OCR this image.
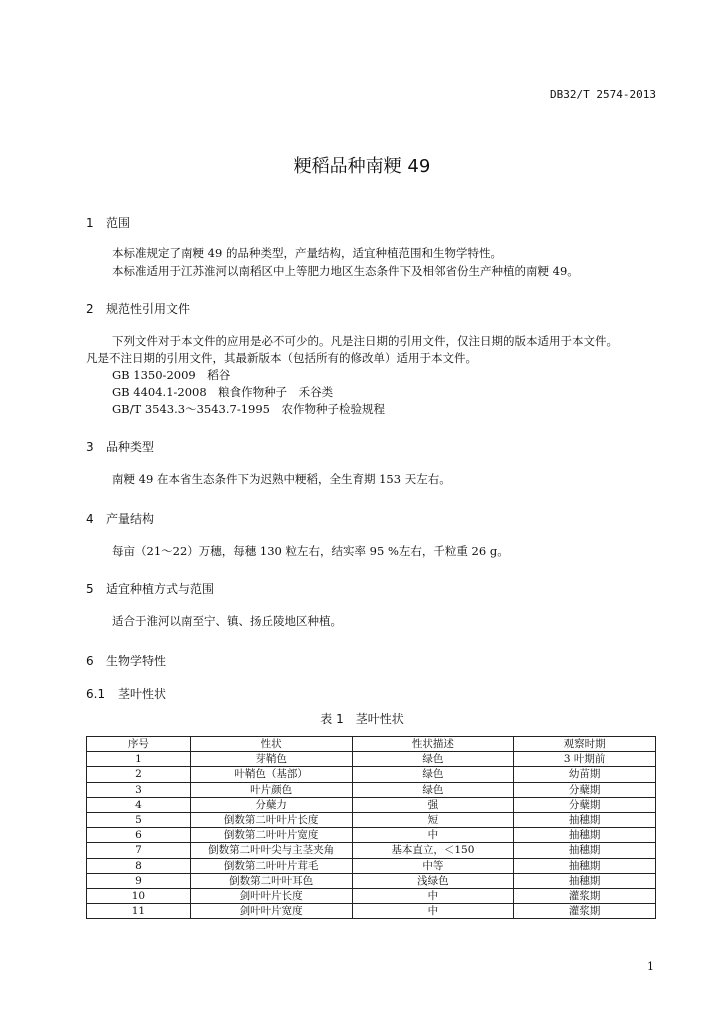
DB32/T 2574-2013
粳稻品种南粳 49
1 范围
本标准规定了南粳 49 的品种类型，产量结构，适宜种植范围和生物学特性。
本标准适用于江苏淮河以南稻区中上等肥力地区生态条件下及相邻省份生产种植的南粳 49。
2 规范性引用文件
下列文件对于本文件的应用是必不可少的。凡是注日期的引用文件，仅注日期的版本适用于本文件。
凡是不注日期的引用文件，其最新版本（包括所有的修改单）适用于本文件。
GB 1350-2009　稻谷
GB 4404.1-2008　粮食作物种子　禾谷类
GB/T 3543.3～3543.7-1995　农作物种子检验规程
3 品种类型
南粳 49 在本省生态条件下为迟熟中粳稻，全生育期 153 天左右。
4 产量结构
每亩（21～22）万穗，每穗 130 粒左右，结实率 95 %左右，千粒重 26 g。
5 适宜种植方式与范围
适合于淮河以南至宁、镇、扬丘陵地区种植。
6 生物学特性
6.1 茎叶性状
表 1　茎叶性状
序号	性状	性状描述	观察时期
1	芽鞘色	绿色	3 叶期前
2	叶鞘色（基部）	绿色	幼苗期
3	叶片颜色	绿色	分蘖期
4	分蘖力	强	分蘖期
5	倒数第二叶叶片长度	短	抽穗期
6	倒数第二叶叶片宽度	中	抽穗期
7	倒数第二叶叶尖与主茎夹角	基本直立，＜150	抽穗期
8	倒数第二叶叶片茸毛	中等	抽穗期
9	倒数第二叶叶耳色	浅绿色	抽穗期
10	剑叶叶片长度	中	灌浆期
11	剑叶叶片宽度	中	灌浆期
1
